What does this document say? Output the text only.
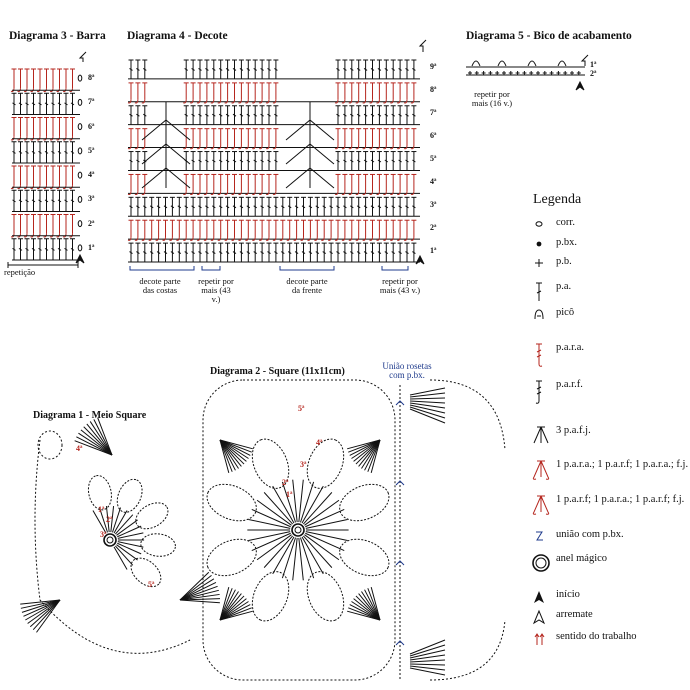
Diagrama 3 - Barra Diagrama 4 - Decote	Diagrama 5 - Bico de acabamento
Diagrama 1 - Meio Square
Diagrama 2 - Square (11x11cm)	União rosetas com p.bx.
1ª
2ª
3ª
4ª
5ª
6ª
7ª
8ª
repetição
1ª
2ª
3ª
4ª
5ª
6ª
7ª
8ª
9ª
decote parte das costas
repetir por mais (43 v.)
decote parte da frente
repetir por mais (43 v.)
1ª
2ª
repetir por mais (16 v.)
1ª
2ª
3ª
4ª
5ª
1ª
2ª
3ª
4ª
5ª
Legenda
corr.
p.bx.
p.b.
p.a.
picô
p.a.r.a.
p.a.r.f.
3 p.a.f.j.
1 p.a.r.a.; 1 p.a.r.f; 1 p.a.r.a.; f.j.
1 p.a.r.f; 1 p.a.r.a.; 1 p.a.r.f; f.j.
união com p.bx.
anel mágico
início
arremate
sentido do trabalho
